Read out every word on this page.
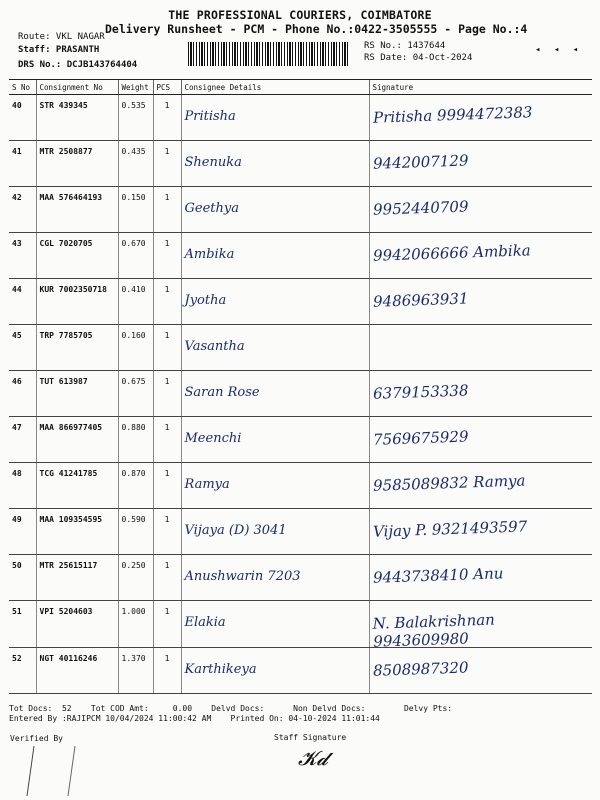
THE PROFESSIONAL COURIERS, COIMBATORE
Delivery Runsheet - PCM - Phone No.:0422-3505555 - Page No.:4
Route: VKL NAGAR
Staff: PRASANTH
DRS No.: DCJB143764404
RS No.: 1437644
RS Date: 04-Oct-2024
◂ ◂ ◂
S No	Consignment No	Weight	PCS	Consignee Details	Signature
40	STR 439345	0.535	1	Pritisha	Pritisha 9994472383

41	MTR 2508877	0.435	1	Shenuka	9442007129

42	MAA 576464193	0.150	1	Geethya	9952440709

43	CGL 7020705	0.670	1	Ambika	9942066666 Ambika

44	KUR 7002350718	0.410	1	Jyotha	9486963931

45	TRP 7785705	0.160	1	Vasantha	

46	TUT 613987	0.675	1	Saran Rose	6379153338

47	MAA 866977405	0.880	1	Meenchi	7569675929

48	TCG 41241785	0.870	1	Ramya	9585089832 Ramya

49	MAA 109354595	0.590	1	Vijaya (D) 3041	Vijay P. 9321493597

50	MTR 25615117	0.250	1	Anushwarin 7203	9443738410 Anu

51	VPI 5204603	1.000	1	Elakia	N. Balakrishnan 9943609980

52	NGT 40116246	1.370	1	Karthikeya	8508987320
Tot Docs:  52    Tot COD Amt:     0.00    Delvd Docs:      Non Delvd Docs:        Delvy Pts:
Entered By :RAJIPCM 10/04/2024 11:00:42 AM    Printed On: 04-10-2024 11:01:44
Verified By	Staff Signature
𝓚𝓭
